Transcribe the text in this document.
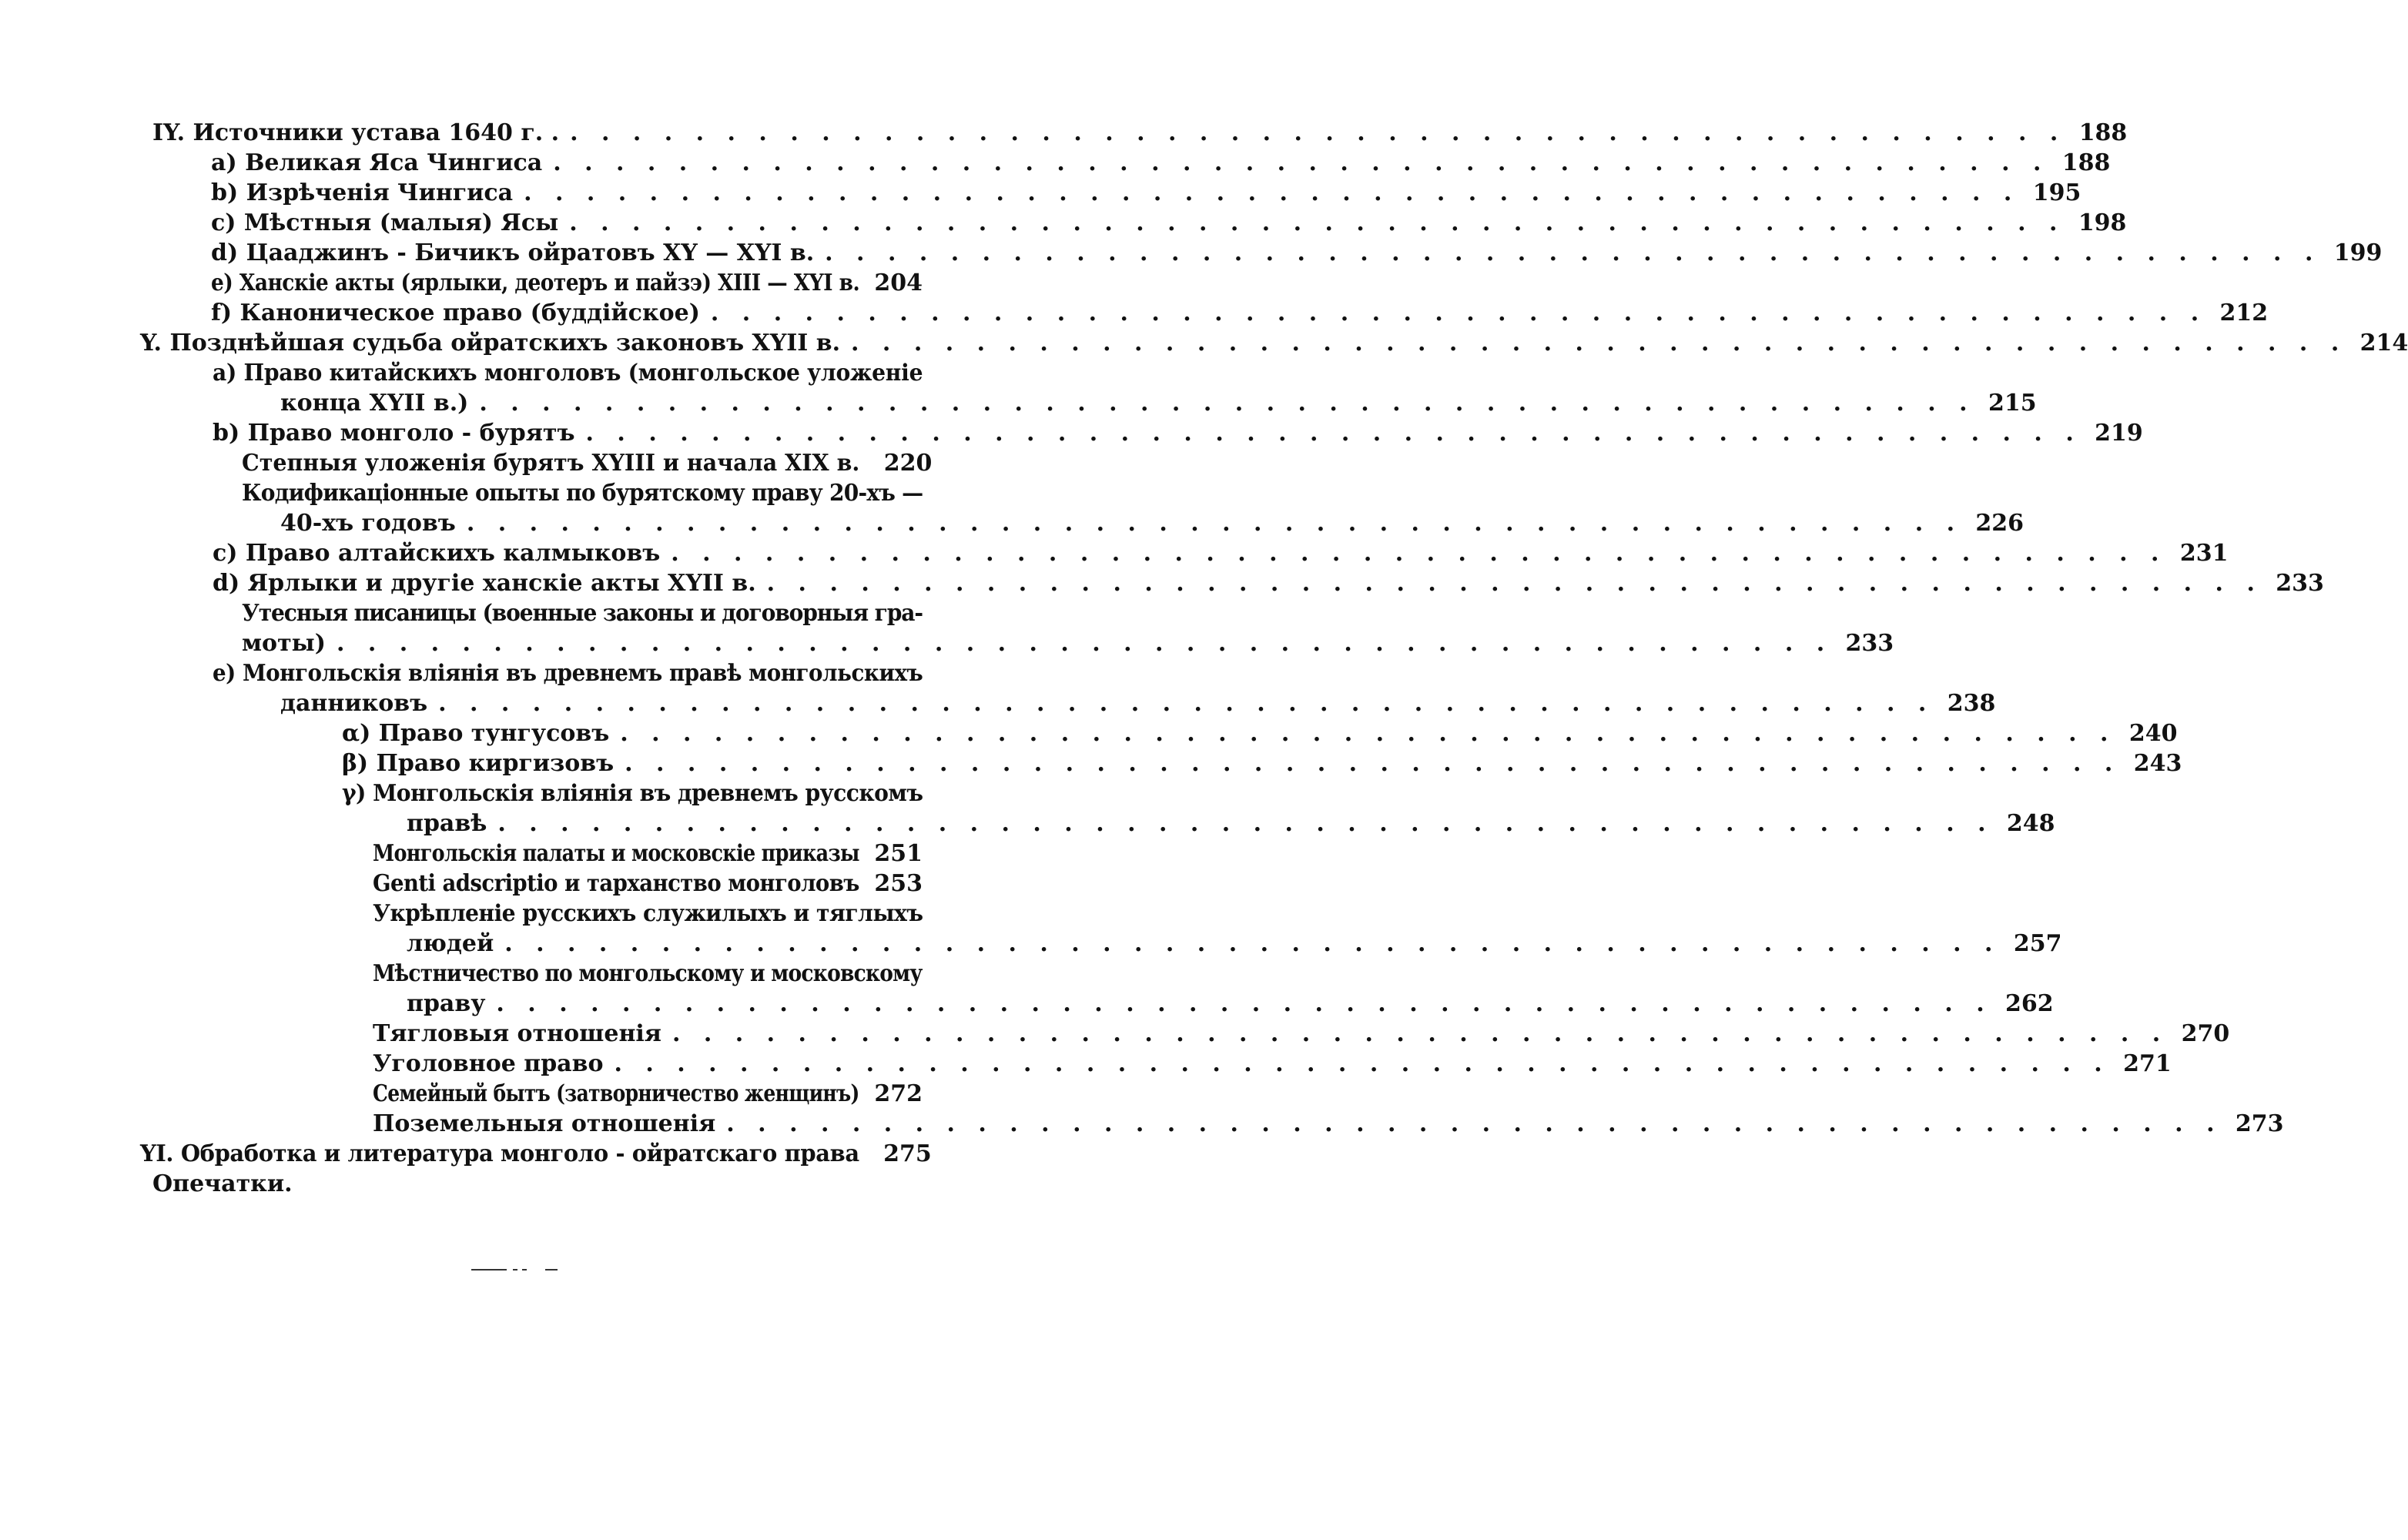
IY. Источники устава 1640 г. . . . . . . . . . . . . . . . . . . . . . . . . . . . . . . . . . . . . . . . . . . . . . . . . . 188
a) Великая Яса Чингиса . . . . . . . . . . . . . . . . . . . . . . . . . . . . . . . . . . . . . . . . . . . . . . . . 188
b) Изрѣченія Чингиса . . . . . . . . . . . . . . . . . . . . . . . . . . . . . . . . . . . . . . . . . . . . . . . . 195
c) Мѣстныя (малыя) Ясы . . . . . . . . . . . . . . . . . . . . . . . . . . . . . . . . . . . . . . . . . . . . . . . . 198
d) Цааджинъ - Бичикъ ойратовъ XY — XYI в. . . . . . . . . . . . . . . . . . . . . . . . . . . . . . . . . . . . . . . . . . . . . . . . . 199
e) Ханскіе акты (ярлыки, деотеръ и пайзэ) XIII — XYI в. 204
f) Каноническое право (буддійское) . . . . . . . . . . . . . . . . . . . . . . . . . . . . . . . . . . . . . . . . . . . . . . . . 212
Y. Позднѣйшая судьба ойратскихъ законовъ XYII в. . . . . . . . . . . . . . . . . . . . . . . . . . . . . . . . . . . . . . . . . . . . . . . . . 214
a) Право китайскихъ монголовъ (монгольское уложеніе
конца XYII в.) . . . . . . . . . . . . . . . . . . . . . . . . . . . . . . . . . . . . . . . . . . . . . . . . 215
b) Право монголо - бурятъ . . . . . . . . . . . . . . . . . . . . . . . . . . . . . . . . . . . . . . . . . . . . . . . . 219
Степныя уложенія бурятъ XYIII и начала XIX в. 220
Кодификаціонные опыты по бурятскому праву 20-хъ —
40-хъ годовъ . . . . . . . . . . . . . . . . . . . . . . . . . . . . . . . . . . . . . . . . . . . . . . . . 226
c) Право алтайскихъ калмыковъ . . . . . . . . . . . . . . . . . . . . . . . . . . . . . . . . . . . . . . . . . . . . . . . . 231
d) Ярлыки и другіе ханскіе акты XYII в. . . . . . . . . . . . . . . . . . . . . . . . . . . . . . . . . . . . . . . . . . . . . . . . . 233
Утесныя писаницы (военные законы и договорныя гра-
моты) . . . . . . . . . . . . . . . . . . . . . . . . . . . . . . . . . . . . . . . . . . . . . . . . 233
e) Монгольскія вліянія въ древнемъ правѣ монгольскихъ
данниковъ . . . . . . . . . . . . . . . . . . . . . . . . . . . . . . . . . . . . . . . . . . . . . . . . 238
α) Право тунгусовъ . . . . . . . . . . . . . . . . . . . . . . . . . . . . . . . . . . . . . . . . . . . . . . . . 240
β) Право киргизовъ . . . . . . . . . . . . . . . . . . . . . . . . . . . . . . . . . . . . . . . . . . . . . . . . 243
γ) Монгольскія вліянія въ древнемъ русскомъ
правѣ . . . . . . . . . . . . . . . . . . . . . . . . . . . . . . . . . . . . . . . . . . . . . . . . 248
Монгольскія палаты и московскіе приказы 251
Genti adscriptio и тарханство монголовъ 253
Укрѣпленіе русскихъ служилыхъ и тяглыхъ
людей . . . . . . . . . . . . . . . . . . . . . . . . . . . . . . . . . . . . . . . . . . . . . . . . 257
Мѣстничество по монгольскому и московскому
праву . . . . . . . . . . . . . . . . . . . . . . . . . . . . . . . . . . . . . . . . . . . . . . . . 262
Тягловыя отношенія . . . . . . . . . . . . . . . . . . . . . . . . . . . . . . . . . . . . . . . . . . . . . . . . 270
Уголовное право . . . . . . . . . . . . . . . . . . . . . . . . . . . . . . . . . . . . . . . . . . . . . . . . 271
Семейный бытъ (затворничество женщинъ) 272
Поземельныя отношенія . . . . . . . . . . . . . . . . . . . . . . . . . . . . . . . . . . . . . . . . . . . . . . . . 273
YI. Обработка и литература монголо - ойратскаго права 275
Опечатки.
